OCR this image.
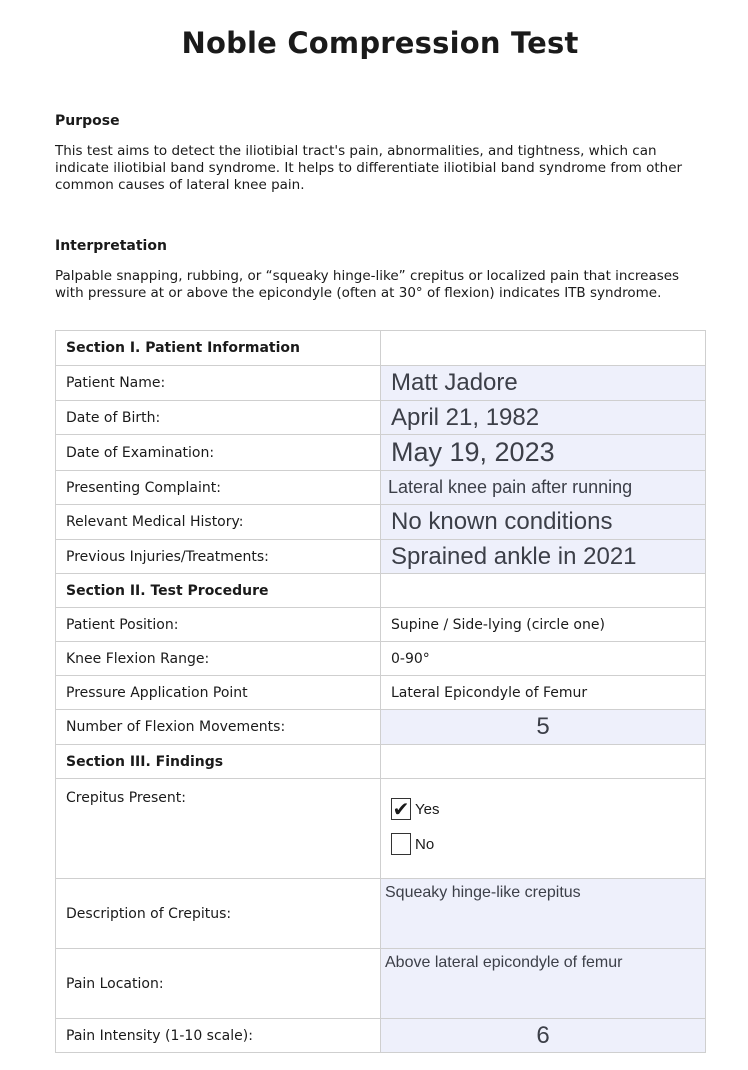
Noble Compression Test
Purpose
This test aims to detect the iliotibial tract's pain, abnormalities, and tightness, which can indicate iliotibial band syndrome. It helps to differentiate iliotibial band syndrome from other common causes of lateral knee pain.
Interpretation
Palpable snapping, rubbing, or “squeaky hinge-like” crepitus or localized pain that increases with pressure at or above the epicondyle (often at 30° of flexion) indicates ITB syndrome.
Section I. Patient Information	
Patient Name:	Matt Jadore
Date of Birth:	April 21, 1982
Date of Examination:	May 19, 2023
Presenting Complaint:	Lateral knee pain after running
Relevant Medical History:	No known conditions
Previous Injuries/Treatments:	Sprained ankle in 2021
Section II. Test Procedure	
Patient Position:	Supine / Side-lying (circle one)
Knee Flexion Range:	0-90°
Pressure Application Point	Lateral Epicondyle of Femur
Number of Flexion Movements:	5
Section III. Findings	
Crepitus Present:	✔ Yes
No

Description of Crepitus:	Squeaky hinge-like crepitus
Pain Location:	Above lateral epicondyle of femur
Pain Intensity (1-10 scale):	6
